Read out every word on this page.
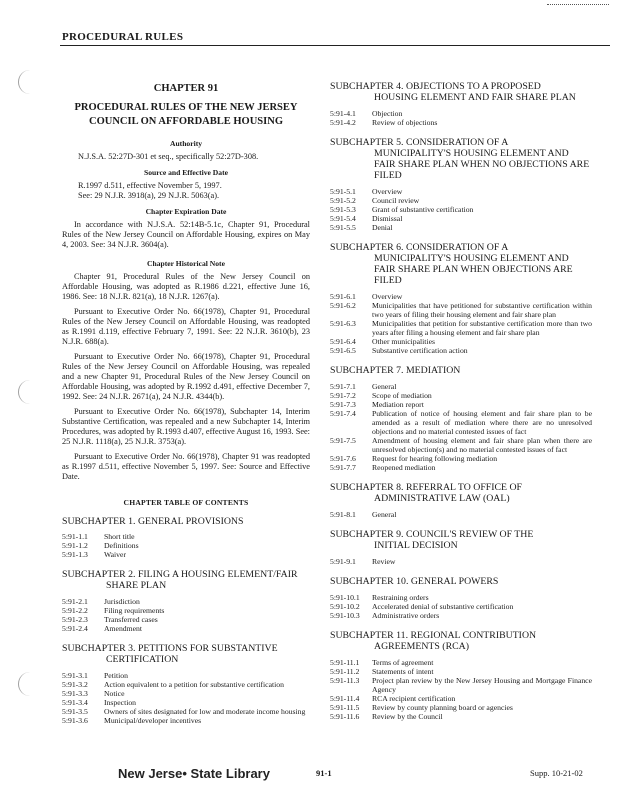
PROCEDURAL RULES
CHAPTER 91
PROCEDURAL RULES OF THE NEW JERSEY
COUNCIL ON AFFORDABLE HOUSING
Authority
N.J.S.A. 52:27D-301 et seq., specifically 52:27D-308.
Source and Effective Date
R.1997 d.511, effective November 5, 1997.
See: 29 N.J.R. 3918(a), 29 N.J.R. 5063(a).
Chapter Expiration Date
In accordance with N.J.S.A. 52:14B-5.1c, Chapter 91, Procedural Rules of the New Jersey Council on Affordable Housing, expires on May 4, 2003. See: 34 N.J.R. 3604(a).
Chapter Historical Note
Chapter 91, Procedural Rules of the New Jersey Council on Affordable Housing, was adopted as R.1986 d.221, effective June 16, 1986. See: 18 N.J.R. 821(a), 18 N.J.R. 1267(a).
Pursuant to Executive Order No. 66(1978), Chapter 91, Procedural Rules of the New Jersey Council on Affordable Housing, was readopted as R.1991 d.119, effective February 7, 1991. See: 22 N.J.R. 3610(b), 23 N.J.R. 688(a).
Pursuant to Executive Order No. 66(1978), Chapter 91, Procedural Rules of the New Jersey Council on Affordable Housing, was repealed and a new Chapter 91, Procedural Rules of the New Jersey Council on Affordable Housing, was adopted by R.1992 d.491, effective December 7, 1992. See: 24 N.J.R. 2671(a), 24 N.J.R. 4344(b).
Pursuant to Executive Order No. 66(1978), Subchapter 14, Interim Substantive Certification, was repealed and a new Subchapter 14, Interim Procedures, was adopted by R.1993 d.407, effective August 16, 1993. See: 25 N.J.R. 1118(a), 25 N.J.R. 3753(a).
Pursuant to Executive Order No. 66(1978), Chapter 91 was readopted as R.1997 d.511, effective November 5, 1997. See: Source and Effective Date.
CHAPTER TABLE OF CONTENTS
SUBCHAPTER 1. GENERAL PROVISIONS
5:91-1.1	Short title
5:91-1.2	Definitions
5:91-1.3	Waiver
SUBCHAPTER 2. FILING A HOUSING ELEMENT/FAIR
SHARE PLAN
5:91-2.1	Jurisdiction
5:91-2.2	Filing requirements
5:91-2.3	Transferred cases
5:91-2.4	Amendment
SUBCHAPTER 3. PETITIONS FOR SUBSTANTIVE
CERTIFICATION
5:91-3.1	Petition
5:91-3.2	Action equivalent to a petition for substantive certification
5:91-3.3	Notice
5:91-3.4	Inspection
5:91-3.5	Owners of sites designated for low and moderate income housing
5:91-3.6	Municipal/developer incentives
SUBCHAPTER 4. OBJECTIONS TO A PROPOSED
HOUSING ELEMENT AND FAIR SHARE PLAN
5:91-4.1	Objection
5:91-4.2	Review of objections
SUBCHAPTER 5. CONSIDERATION OF A
MUNICIPALITY'S HOUSING ELEMENT AND FAIR SHARE PLAN WHEN NO OBJECTIONS ARE FILED
5:91-5.1	Overview
5:91-5.2	Council review
5:91-5.3	Grant of substantive certification
5:91-5.4	Dismissal
5:91-5.5	Denial
SUBCHAPTER 6. CONSIDERATION OF A
MUNICIPALITY'S HOUSING ELEMENT AND FAIR SHARE PLAN WHEN OBJECTIONS ARE FILED
5:91-6.1	Overview
5:91-6.2	Municipalities that have petitioned for substantive certification within two years of filing their housing element and fair share plan
5:91-6.3	Municipalities that petition for substantive certification more than two years after filing a housing element and fair share plan
5:91-6.4	Other municipalities
5:91-6.5	Substantive certification action
SUBCHAPTER 7. MEDIATION
5:91-7.1	General
5:91-7.2	Scope of mediation
5:91-7.3	Mediation report
5:91-7.4	Publication of notice of housing element and fair share plan to be amended as a result of mediation where there are no unresolved objections and no material contested issues of fact
5:91-7.5	Amendment of housing element and fair share plan when there are unresolved objection(s) and no material contested issues of fact
5:91-7.6	Request for hearing following mediation
5:91-7.7	Reopened mediation
SUBCHAPTER 8. REFERRAL TO OFFICE OF
ADMINISTRATIVE LAW (OAL)
5:91-8.1	General
SUBCHAPTER 9. COUNCIL'S REVIEW OF THE
INITIAL DECISION
5:91-9.1	Review
SUBCHAPTER 10. GENERAL POWERS
5:91-10.1	Restraining orders
5:91-10.2	Accelerated denial of substantive certification
5:91-10.3	Administrative orders
SUBCHAPTER 11. REGIONAL CONTRIBUTION
AGREEMENTS (RCA)
5:91-11.1	Terms of agreement
5:91-11.2	Statements of intent
5:91-11.3	Project plan review by the New Jersey Housing and Mortgage Finance Agency
5:91-11.4	RCA recipient certification
5:91-11.5	Review by county planning board or agencies
5:91-11.6	Review by the Council
New Jerse• State Library	91-1	Supp. 10-21-02
